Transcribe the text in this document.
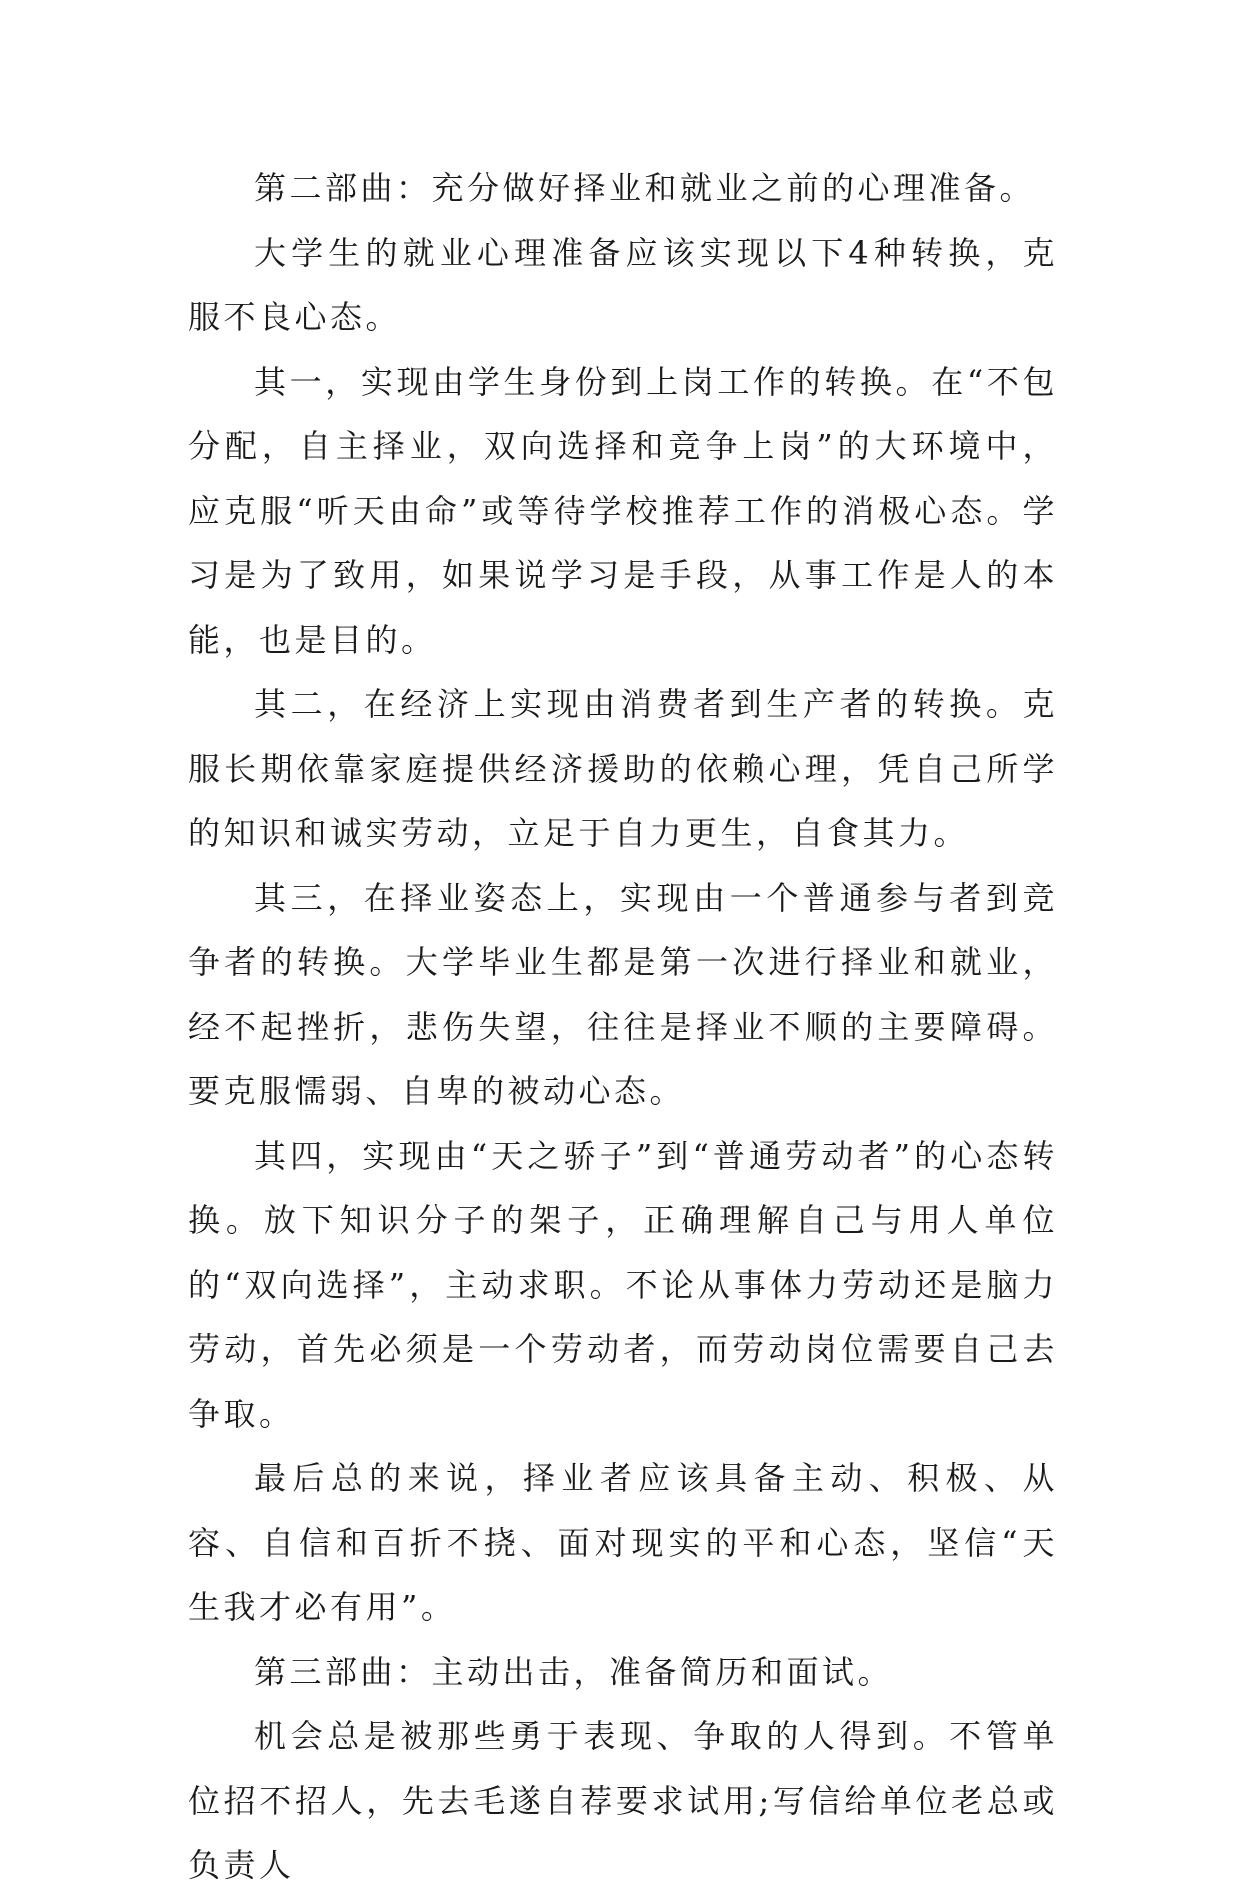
第二部曲：充分做好择业和就业之前的心理准备。

大学生的就业心理准备应该实现以下4种转换，克服不良心态。

其一，实现由学生身份到上岗工作的转换。在“不包分配，自主择业，双向选择和竞争上岗”的大环境中，应克服“听天由命”或等待学校推荐工作的消极心态。学习是为了致用，如果说学习是手段，从事工作是人的本能，也是目的。

其二，在经济上实现由消费者到生产者的转换。克服长期依靠家庭提供经济援助的依赖心理，凭自己所学的知识和诚实劳动，立足于自力更生，自食其力。

其三，在择业姿态上，实现由一个普通参与者到竞争者的转换。大学毕业生都是第一次进行择业和就业，经不起挫折，悲伤失望，往往是择业不顺的主要障碍。要克服懦弱、自卑的被动心态。

其四，实现由“天之骄子”到“普通劳动者”的心态转换。放下知识分子的架子，正确理解自己与用人单位的“双向选择”，主动求职。不论从事体力劳动还是脑力劳动，首先必须是一个劳动者，而劳动岗位需要自己去争取。

最后总的来说，择业者应该具备主动、积极、从容、自信和百折不挠、面对现实的平和心态，坚信“天生我才必有用”。

第三部曲：主动出击，准备简历和面试。

机会总是被那些勇于表现、争取的人得到。不管单位招不招人，先去毛遂自荐要求试用;写信给单位老总或负责人
